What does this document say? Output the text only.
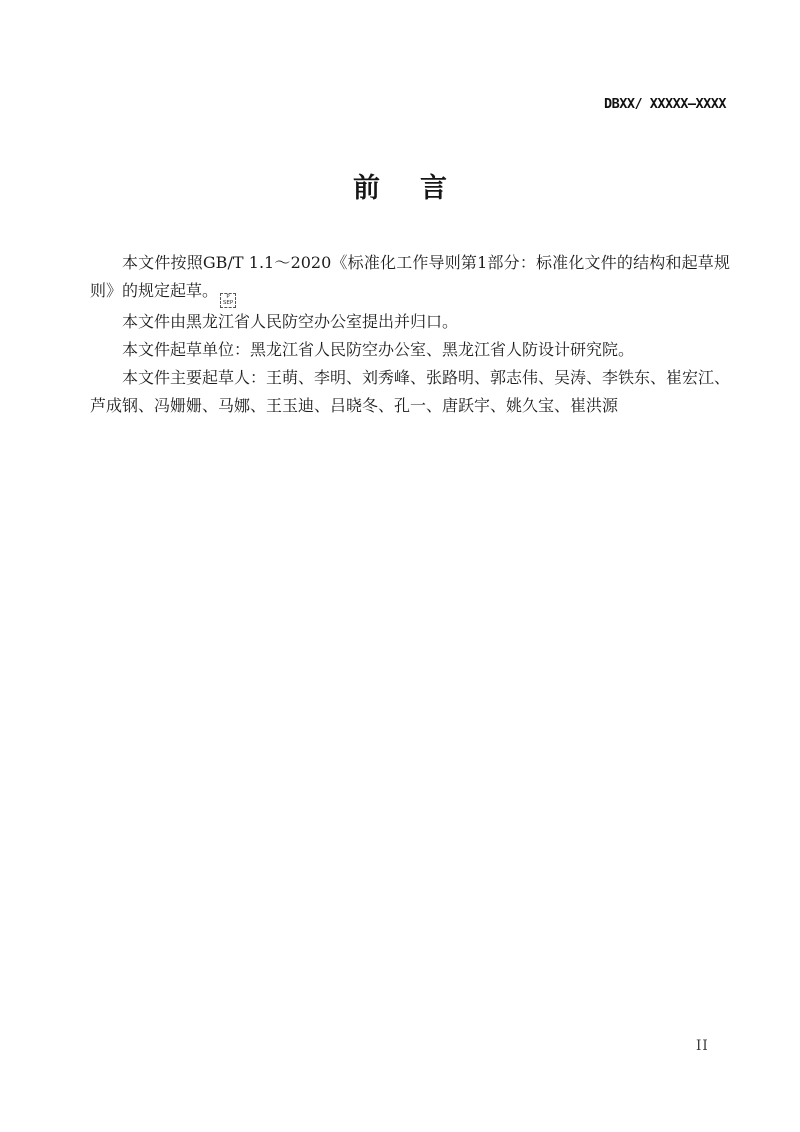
DBXX/ XXXXX—XXXX
前 言

本文件按照GB/T 1.1～2020《标准化工作导则第1部分：标准化文件的结构和起草规则》的规定起草。 P
SEP

本文件由黑龙江省人民防空办公室提出并归口。

本文件起草单位：黑龙江省人民防空办公室、黑龙江省人防设计研究院。

本文件主要起草人：王萌、李明、刘秀峰、张路明、郭志伟、吴涛、李铁东、崔宏江、芦成钢、冯姗姗、马娜、王玉迪、吕晓冬、孔一、唐跃宇、姚久宝、崔洪源

II
